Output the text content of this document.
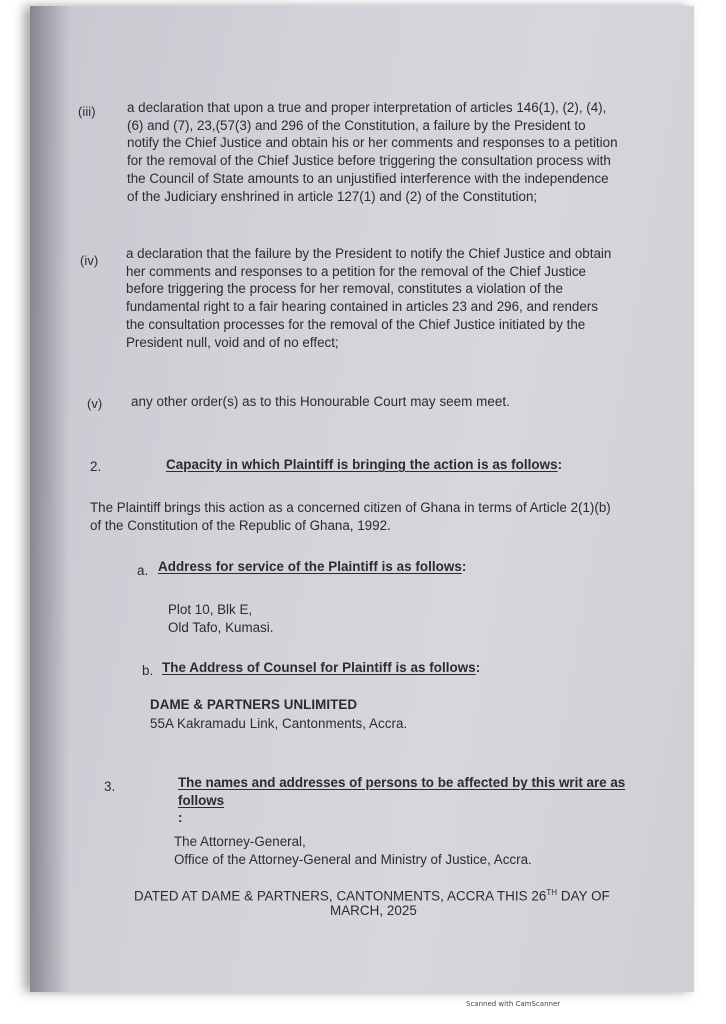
(iii) a declaration that upon a true and proper interpretation of articles 146(1), (2), (4),
(6) and (7), 23,(57(3) and 296 of the Constitution, a failure by the President to
notify the Chief Justice and obtain his or her comments and responses to a petition
for the removal of the Chief Justice before triggering the consultation process with
the Council of State amounts to an unjustified interference with the independence
of the Judiciary enshrined in article 127(1) and (2) of the Constitution;
(iv) a declaration that the failure by the President to notify the Chief Justice and obtain
her comments and responses to a petition for the removal of the Chief Justice
before triggering the process for her removal, constitutes a violation of the
fundamental right to a fair hearing contained in articles 23 and 296, and renders
the consultation processes for the removal of the Chief Justice initiated by the
President null, void and of no effect;
(v) any other order(s) as to this Honourable Court may seem meet.
2.	Capacity in which Plaintiff is bringing the action is as follows:
The Plaintiff brings this action as a concerned citizen of Ghana in terms of Article 2(1)(b)
of the Constitution of the Republic of Ghana, 1992.
a. Address for service of the Plaintiff is as follows:
Plot 10, Blk E,
Old Tafo, Kumasi.
b. The Address of Counsel for Plaintiff is as follows:
DAME & PARTNERS UNLIMITED
55A Kakramadu Link, Cantonments, Accra.
3.	The names and addresses of persons to be affected by this writ are as
follows
:
The Attorney-General,
Office of the Attorney-General and Ministry of Justice, Accra.
DATED AT DAME & PARTNERS, CANTONMENTS, ACCRA THIS 26TH DAY OF
MARCH, 2025
Scanned with CamScanner
